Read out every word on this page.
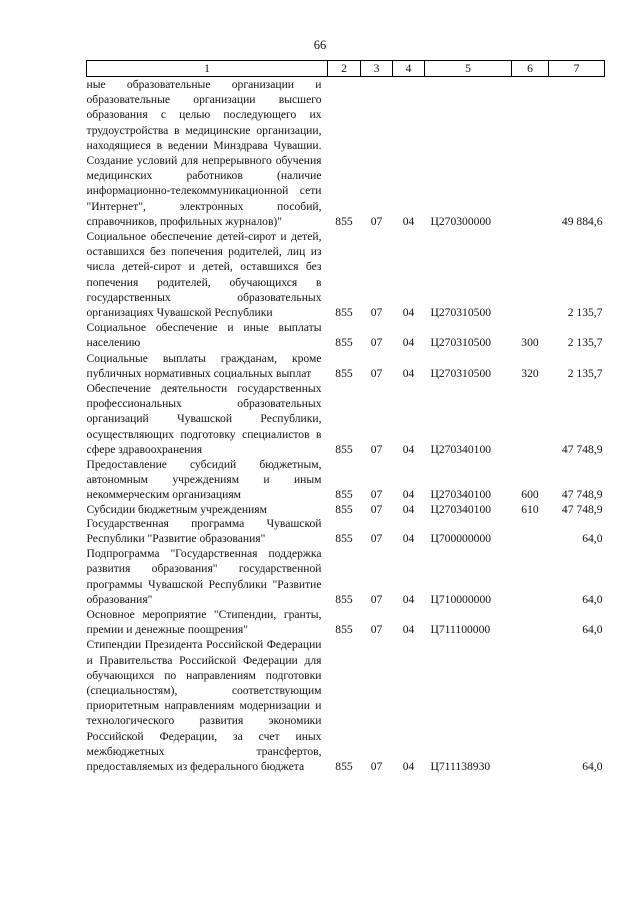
66
1	2	3	4	5	6	7
ные образовательные организации и образовательные организации высшего образования с целью последующего их трудоустройства в медицинские организации, находящиеся в ведении Минздрава Чувашии. Создание условий для непрерывного обучения медицинских работников (наличие информационно-телекоммуникационной сети "Интернет", электронных пособий, справочников, профильных журналов)"	855	07	04	Ц270300000		49 884,6
Социальное обеспечение детей-сирот и детей, оставшихся без попечения родителей, лиц из числа детей-сирот и детей, оставшихся без попечения родителей, обучающихся в государственных образовательных организациях Чувашской Республики	855	07	04	Ц270310500		2 135,7
Социальное обеспечение и иные выплаты населению	855	07	04	Ц270310500	300	2 135,7
Социальные выплаты гражданам, кроме публичных нормативных социальных выплат	855	07	04	Ц270310500	320	2 135,7
Обеспечение деятельности государственных профессиональных образовательных организаций Чувашской Республики, осуществляющих подготовку специалистов в сфере здравоохранения	855	07	04	Ц270340100		47 748,9
Предоставление субсидий бюджетным, автономным учреждениям и иным некоммерческим организациям	855	07	04	Ц270340100	600	47 748,9
Субсидии бюджетным учреждениям	855	07	04	Ц270340100	610	47 748,9
Государственная программа Чувашской Республики "Развитие образования"	855	07	04	Ц700000000		64,0
Подпрограмма "Государственная поддержка развития образования" государственной программы Чувашской Республики "Развитие образования"	855	07	04	Ц710000000		64,0
Основное мероприятие "Стипендии, гранты, премии и денежные поощрения"	855	07	04	Ц711100000		64,0
Стипендии Президента Российской Федерации и Правительства Российской Федерации для обучающихся по направлениям подготовки (специальностям), соответствующим приоритетным направлениям модернизации и технологического развития экономики Российской Федерации, за счет иных межбюджетных трансфертов, предоставляемых из федерального бюджета	855	07	04	Ц711138930		64,0
